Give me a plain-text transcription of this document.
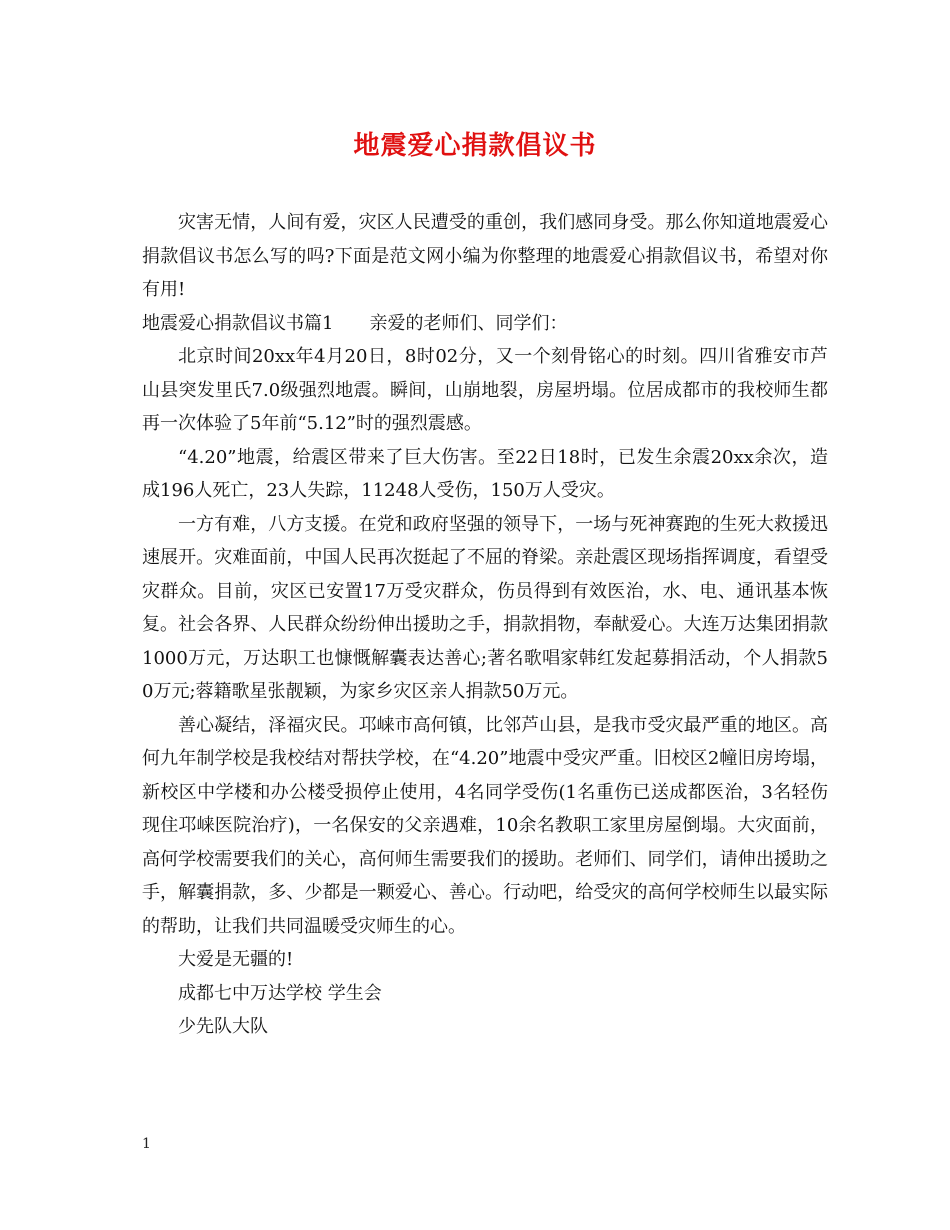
地震爱心捐款倡议书

灾害无情，人间有爱，灾区人民遭受的重创，我们感同身受。那么你知道地震爱心捐款倡议书怎么写的吗?下面是范文网小编为你整理的地震爱心捐款倡议书，希望对你有用!

地震爱心捐款倡议书篇1 亲爱的老师们、同学们：

北京时间20xx年4月20日，8时02分，又一个刻骨铭心的时刻。四川省雅安市芦山县突发里氏7.0级强烈地震。瞬间，山崩地裂，房屋坍塌。位居成都市的我校师生都再一次体验了5年前“5.12”时的强烈震感。

“4.20”地震，给震区带来了巨大伤害。至22日18时，已发生余震20xx余次，造成196人死亡，23人失踪，11248人受伤，150万人受灾。

一方有难，八方支援。在党和政府坚强的领导下，一场与死神赛跑的生死大救援迅速展开。灾难面前，中国人民再次挺起了不屈的脊梁。亲赴震区现场指挥调度，看望受灾群众。目前，灾区已安置17万受灾群众，伤员得到有效医治，水、电、通讯基本恢复。社会各界、人民群众纷纷伸出援助之手，捐款捐物，奉献爱心。大连万达集团捐款1000万元，万达职工也慷慨解囊表达善心;著名歌唱家韩红发起募捐活动，个人捐款50万元;蓉籍歌星张靓颖，为家乡灾区亲人捐款50万元。

善心凝结，泽福灾民。邛崃市高何镇，比邻芦山县，是我市受灾最严重的地区。高何九年制学校是我校结对帮扶学校，在“4.20”地震中受灾严重。旧校区2幢旧房垮塌，新校区中学楼和办公楼受损停止使用，4名同学受伤(1名重伤已送成都医治，3名轻伤现住邛崃医院治疗)，一名保安的父亲遇难，10余名教职工家里房屋倒塌。大灾面前，高何学校需要我们的关心，高何师生需要我们的援助。老师们、同学们，请伸出援助之手，解囊捐款，多、少都是一颗爱心、善心。行动吧，给受灾的高何学校师生以最实际的帮助，让我们共同温暖受灾师生的心。

大爱是无疆的!

成都七中万达学校 学生会

少先队大队

1
